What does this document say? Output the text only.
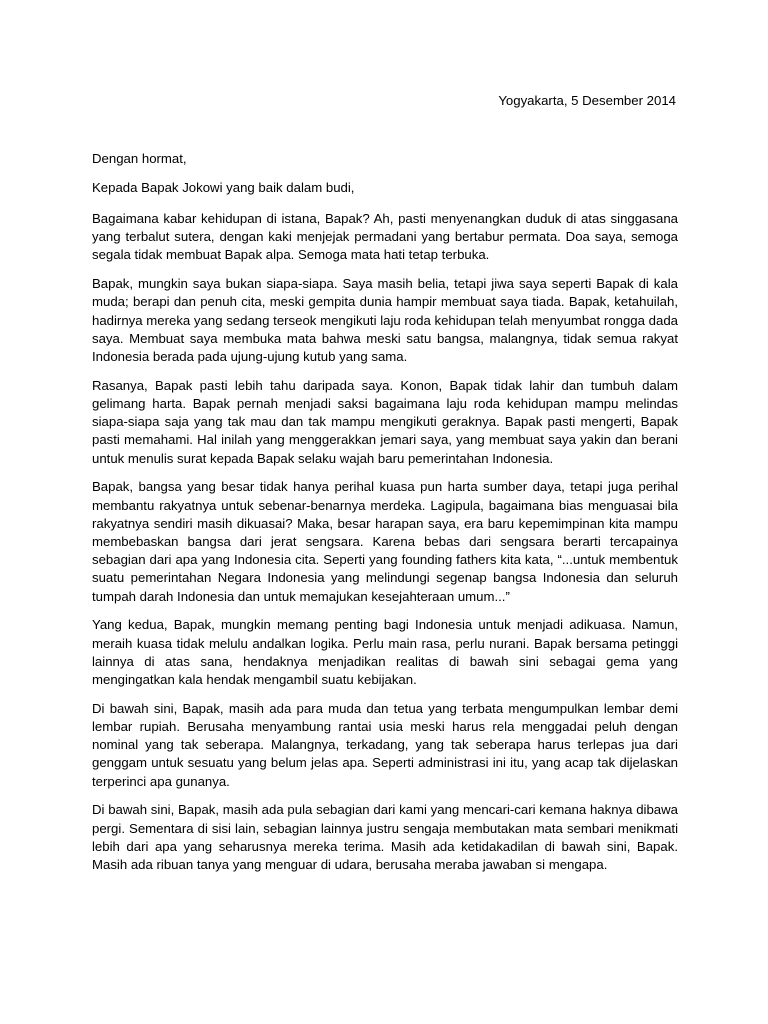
Yogyakarta, 5 Desember 2014

Dengan hormat,

Kepada Bapak Jokowi yang baik dalam budi,

Bagaimana kabar kehidupan di istana, Bapak? Ah, pasti menyenangkan duduk di atas singgasana yang terbalut sutera, dengan kaki menjejak permadani yang bertabur permata. Doa saya, semoga segala tidak membuat Bapak alpa. Semoga mata hati tetap terbuka.

Bapak, mungkin saya bukan siapa-siapa. Saya masih belia, tetapi jiwa saya seperti Bapak di kala muda; berapi dan penuh cita, meski gempita dunia hampir membuat saya tiada. Bapak, ketahuilah, hadirnya mereka yang sedang terseok mengikuti laju roda kehidupan telah menyumbat rongga dada saya. Membuat saya membuka mata bahwa meski satu bangsa, malangnya, tidak semua rakyat Indonesia berada pada ujung-ujung kutub yang sama.

Rasanya, Bapak pasti lebih tahu daripada saya. Konon, Bapak tidak lahir dan tumbuh dalam gelimang harta. Bapak pernah menjadi saksi bagaimana laju roda kehidupan mampu melindas siapa-siapa saja yang tak mau dan tak mampu mengikuti geraknya. Bapak pasti mengerti, Bapak pasti memahami. Hal inilah yang menggerakkan jemari saya, yang membuat saya yakin dan berani untuk menulis surat kepada Bapak selaku wajah baru pemerintahan Indonesia.

Bapak, bangsa yang besar tidak hanya perihal kuasa pun harta sumber daya, tetapi juga perihal membantu rakyatnya untuk sebenar-benarnya merdeka. Lagipula, bagaimana bias menguasai bila rakyatnya sendiri masih dikuasai? Maka, besar harapan saya, era baru kepemimpinan kita mampu membebaskan bangsa dari jerat sengsara. Karena bebas dari sengsara berarti tercapainya sebagian dari apa yang Indonesia cita. Seperti yang founding fathers kita kata, “...untuk membentuk suatu pemerintahan Negara Indonesia yang melindungi segenap bangsa Indonesia dan seluruh tumpah darah Indonesia dan untuk memajukan kesejahteraan umum...”

Yang kedua, Bapak, mungkin memang penting bagi Indonesia untuk menjadi adikuasa. Namun, meraih kuasa tidak melulu andalkan logika. Perlu main rasa, perlu nurani. Bapak bersama petinggi lainnya di atas sana, hendaknya menjadikan realitas di bawah sini sebagai gema yang mengingatkan kala hendak mengambil suatu kebijakan.

Di bawah sini, Bapak, masih ada para muda dan tetua yang terbata mengumpulkan lembar demi lembar rupiah. Berusaha menyambung rantai usia meski harus rela menggadai peluh dengan nominal yang tak seberapa. Malangnya, terkadang, yang tak seberapa harus terlepas jua dari genggam untuk sesuatu yang belum jelas apa. Seperti administrasi ini itu, yang acap tak dijelaskan terperinci apa gunanya.

Di bawah sini, Bapak, masih ada pula sebagian dari kami yang mencari-cari kemana haknya dibawa pergi. Sementara di sisi lain, sebagian lainnya justru sengaja membutakan mata sembari menikmati lebih dari apa yang seharusnya mereka terima. Masih ada ketidakadilan di bawah sini, Bapak. Masih ada ribuan tanya yang menguar di udara, berusaha meraba jawaban si mengapa.
